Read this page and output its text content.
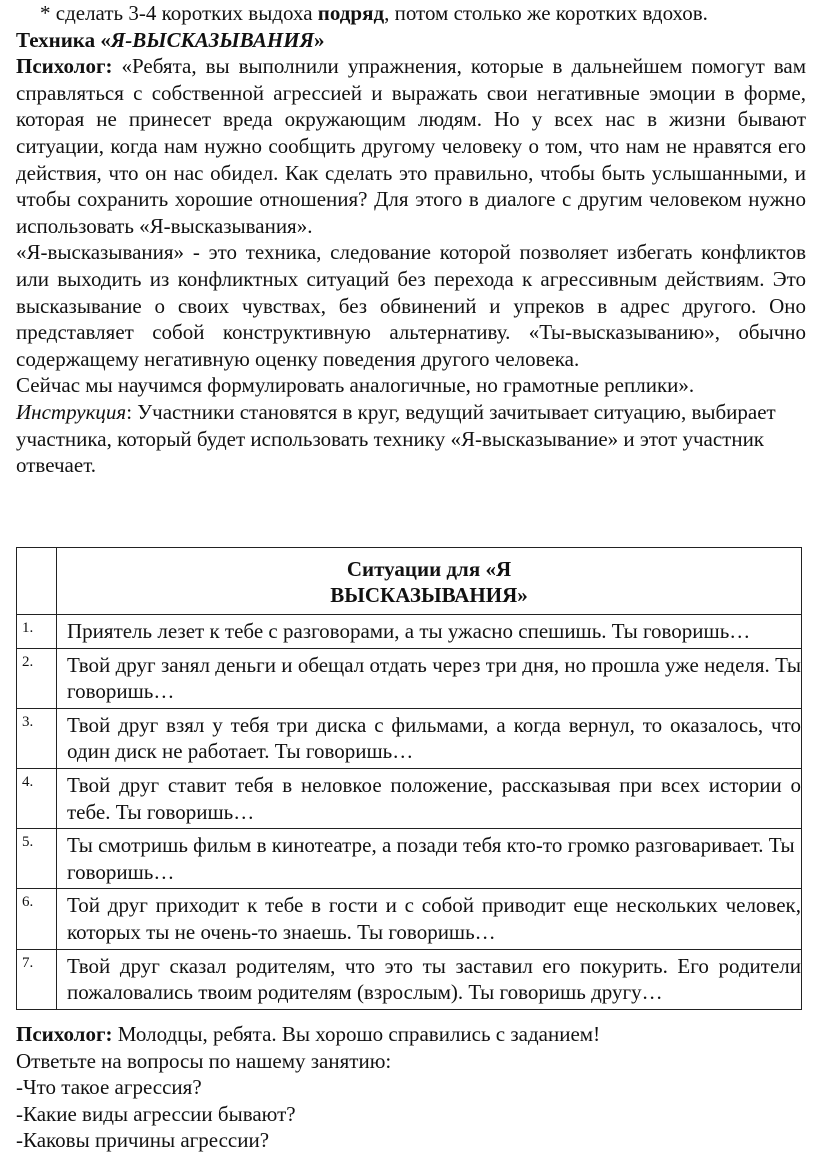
* сделать 3-4 коротких выдоха подряд, потом столько же коротких вдохов.

Техника «Я-ВЫСКАЗЫВАНИЯ»

Психолог: «Ребята, вы выполнили упражнения, которые в дальнейшем помогут вам справляться с собственной агрессией и выражать свои негативные эмоции в форме, которая не принесет вреда окружающим людям. Но у всех нас в жизни бывают ситуации, когда нам нужно сообщить другому человеку о том, что нам не нравятся его действия, что он нас обидел. Как сделать это правильно, чтобы быть услышанными, и чтобы сохранить хорошие отношения? Для этого в диалоге с другим человеком нужно использовать «Я-высказывания».

«Я-высказывания» - это техника, следование которой позволяет избегать конфликтов или выходить из конфликтных ситуаций без перехода к агрессивным действиям. Это высказывание о своих чувствах, без обвинений и упреков в адрес другого. Оно представляет собой конструктивную альтернативу. «Ты-высказыванию», обычно содержащему негативную оценку поведения другого человека.

Сейчас мы научимся формулировать аналогичные, но грамотные реплики».

Инструкция: Участники становятся в круг, ведущий зачитывает ситуацию, выбирает участника, который будет использовать технику «Я-высказывание» и этот участник отвечает.

	Ситуации для «Я
ВЫСКАЗЫВАНИЯ»

1.	Приятель лезет к тебе с разговорами, а ты ужасно спешишь. Ты говоришь…
2.	Твой друг занял деньги и обещал отдать через три дня, но прошла уже неделя. Ты говоришь…
3.	Твой друг взял у тебя три диска с фильмами, а когда вернул, то оказалось, что один диск не работает. Ты говоришь…
4.	Твой друг ставит тебя в неловкое положение, рассказывая при всех истории о тебе. Ты говоришь…
5.	Ты смотришь фильм в кинотеатре, а позади тебя кто-то громко разговаривает. Ты говоришь…
6.	Той друг приходит к тебе в гости и с собой приводит еще нескольких человек, которых ты не очень-то знаешь. Ты говоришь…
7.	Твой друг сказал родителям, что это ты заставил его покурить. Его родители пожаловались твоим родителям (взрослым). Ты говоришь другу…

Психолог: Молодцы, ребята. Вы хорошо справились с заданием!

Ответьте на вопросы по нашему занятию:

-Что такое агрессия?

-Какие виды агрессии бывают?

-Каковы причины агрессии?
